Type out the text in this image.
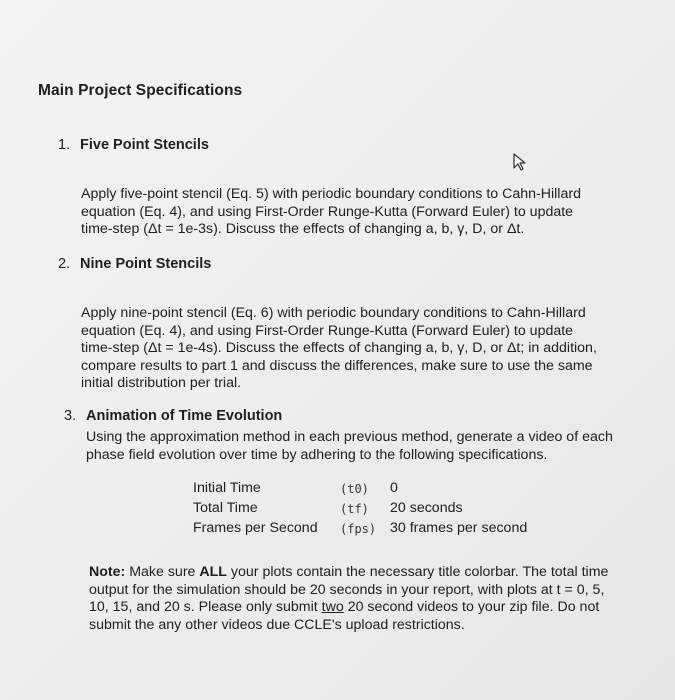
Main Project Specifications
1. Five Point Stencils

Apply five-point stencil (Eq. 5) with periodic boundary conditions to Cahn-Hillard

equation (Eq. 4), and using First-Order Runge-Kutta (Forward Euler) to update

time-step (Δt = 1e-3s). Discuss the effects of changing a, b, γ, D, or Δt.

2. Nine Point Stencils

Apply nine-point stencil (Eq. 6) with periodic boundary conditions to Cahn-Hillard

equation (Eq. 4), and using First-Order Runge-Kutta (Forward Euler) to update

time-step (Δt = 1e-4s). Discuss the effects of changing a, b, γ, D, or Δt; in addition,

compare results to part 1 and discuss the differences, make sure to use the same

initial distribution per trial.

3. Animation of Time Evolution

Using the approximation method in each previous method, generate a video of each

phase field evolution over time by adhering to the following specifications.

Initial Time	(t0) 0
Total Time	(tf) 20 seconds
Frames per Second (fps) 30 frames per second
Note: Make sure ALL your plots contain the necessary title colorbar. The total time
output for the simulation should be 20 seconds in your report, with plots at t = 0, 5,
10, 15, and 20 s. Please only submit two 20 second videos to your zip file. Do not
submit the any other videos due CCLE's upload restrictions.
